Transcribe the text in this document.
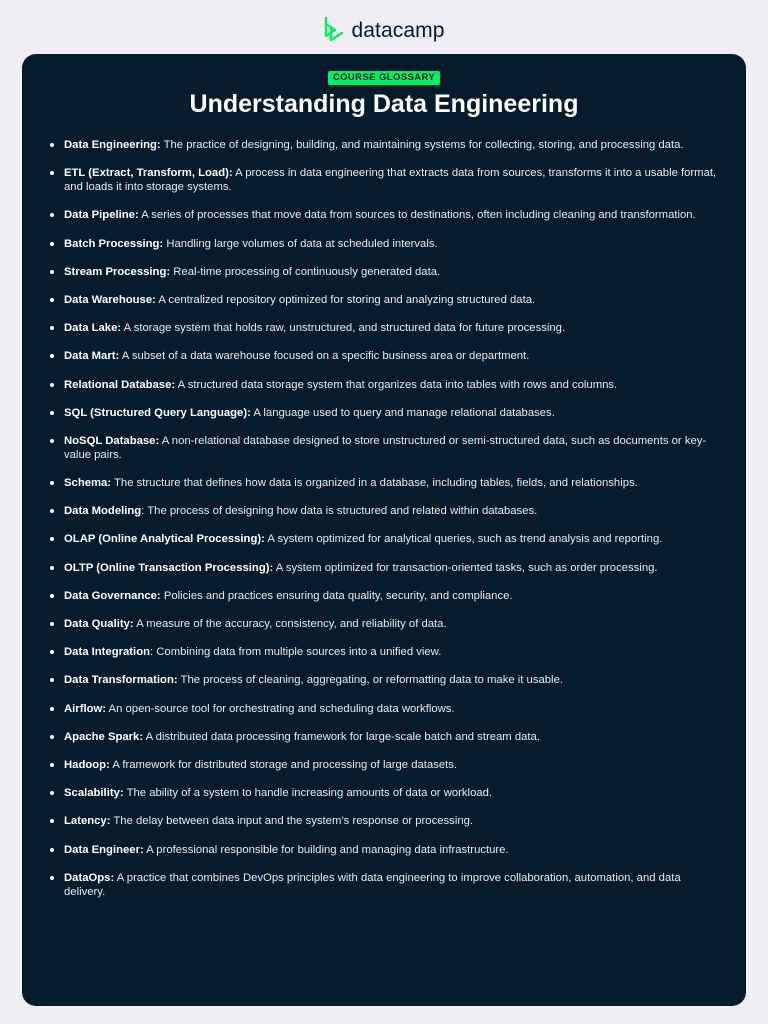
datacamp
COURSE GLOSSARY
Understanding Data Engineering
Data Engineering: The practice of designing, building, and maintaining systems for collecting, storing, and processing data.
ETL (Extract, Transform, Load): A process in data engineering that extracts data from sources, transforms it into a usable format, and loads it into storage systems.
Data Pipeline: A series of processes that move data from sources to destinations, often including cleaning and transformation.
Batch Processing: Handling large volumes of data at scheduled intervals.
Stream Processing: Real-time processing of continuously generated data.
Data Warehouse: A centralized repository optimized for storing and analyzing structured data.
Data Lake: A storage system that holds raw, unstructured, and structured data for future processing.
Data Mart: A subset of a data warehouse focused on a specific business area or department.
Relational Database: A structured data storage system that organizes data into tables with rows and columns.
SQL (Structured Query Language): A language used to query and manage relational databases.
NoSQL Database: A non-relational database designed to store unstructured or semi-structured data, such as documents or key-value pairs.
Schema: The structure that defines how data is organized in a database, including tables, fields, and relationships.
Data Modeling: The process of designing how data is structured and related within databases.
OLAP (Online Analytical Processing): A system optimized for analytical queries, such as trend analysis and reporting.
OLTP (Online Transaction Processing): A system optimized for transaction-oriented tasks, such as order processing.
Data Governance: Policies and practices ensuring data quality, security, and compliance.
Data Quality: A measure of the accuracy, consistency, and reliability of data.
Data Integration: Combining data from multiple sources into a unified view.
Data Transformation: The process of cleaning, aggregating, or reformatting data to make it usable.
Airflow: An open-source tool for orchestrating and scheduling data workflows.
Apache Spark: A distributed data processing framework for large-scale batch and stream data.
Hadoop: A framework for distributed storage and processing of large datasets.
Scalability: The ability of a system to handle increasing amounts of data or workload.
Latency: The delay between data input and the system’s response or processing.
Data Engineer: A professional responsible for building and managing data infrastructure.
DataOps: A practice that combines DevOps principles with data engineering to improve collaboration, automation, and data delivery.
